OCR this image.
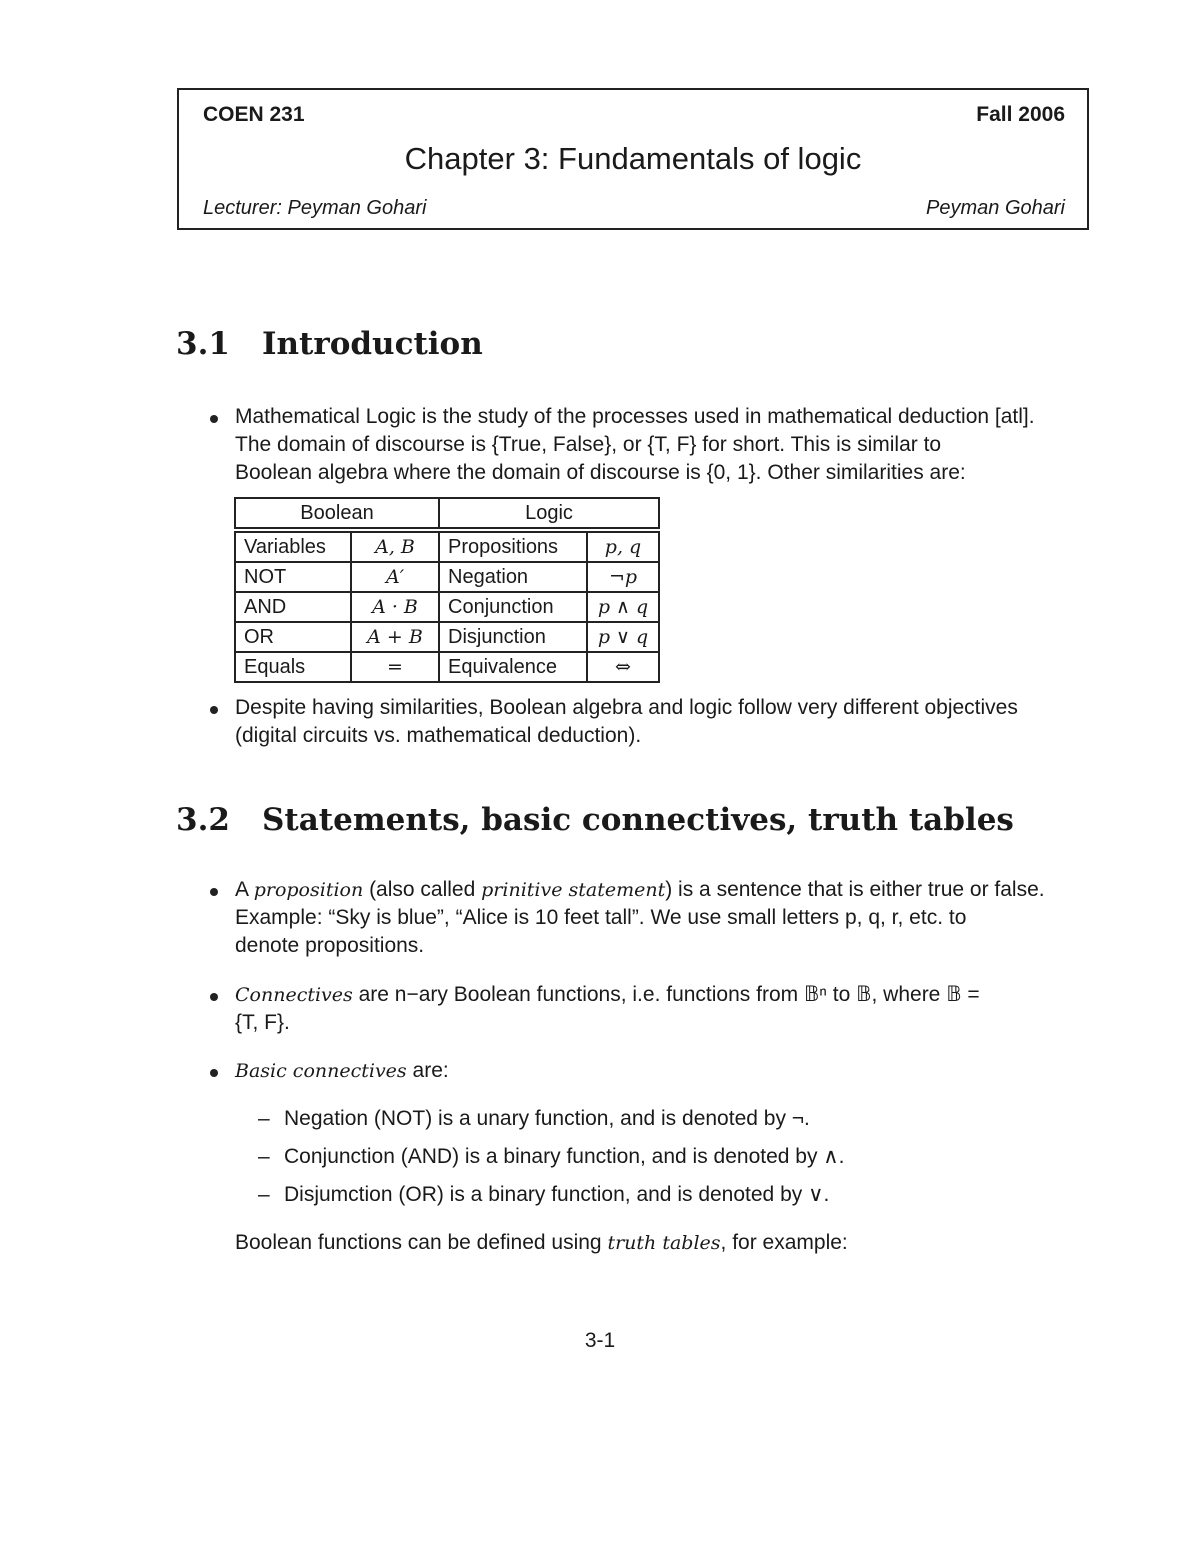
COEN 231	Fall 2006
Chapter 3: Fundamentals of logic
Lecturer: Peyman Gohari	Peyman Gohari
3.1 Introduction
Mathematical Logic is the study of the processes used in mathematical deduction [atl].
The domain of discourse is {True, False}, or {T, F} for short. This is similar to
Boolean algebra where the domain of discourse is {0, 1}. Other similarities are:
Boolean		Logic	

Variables	A, B	Propositions	p, q
NOT	A′	Negation	¬p
AND	A · B	Conjunction	p ∧ q
OR	A + B	Disjunction	p ∨ q
Equals	=	Equivalence	⇔
Despite having similarities, Boolean algebra and logic follow very different objectives
(digital circuits vs. mathematical deduction).
3.2 Statements, basic connectives, truth tables
A proposition (also called prinitive statement) is a sentence that is either true or false.
Example: “Sky is blue”, “Alice is 10 feet tall”. We use small letters p, q, r, etc. to
denote propositions.
Connectives are n−ary Boolean functions, i.e. functions from 𝔹ⁿ to 𝔹, where 𝔹 =
{T, F}.
Basic connectives are:
– Negation (NOT) is a unary function, and is denoted by ¬.
– Conjunction (AND) is a binary function, and is denoted by ∧.
– Disjumction (OR) is a binary function, and is denoted by ∨.
Boolean functions can be defined using truth tables, for example:
3-1
